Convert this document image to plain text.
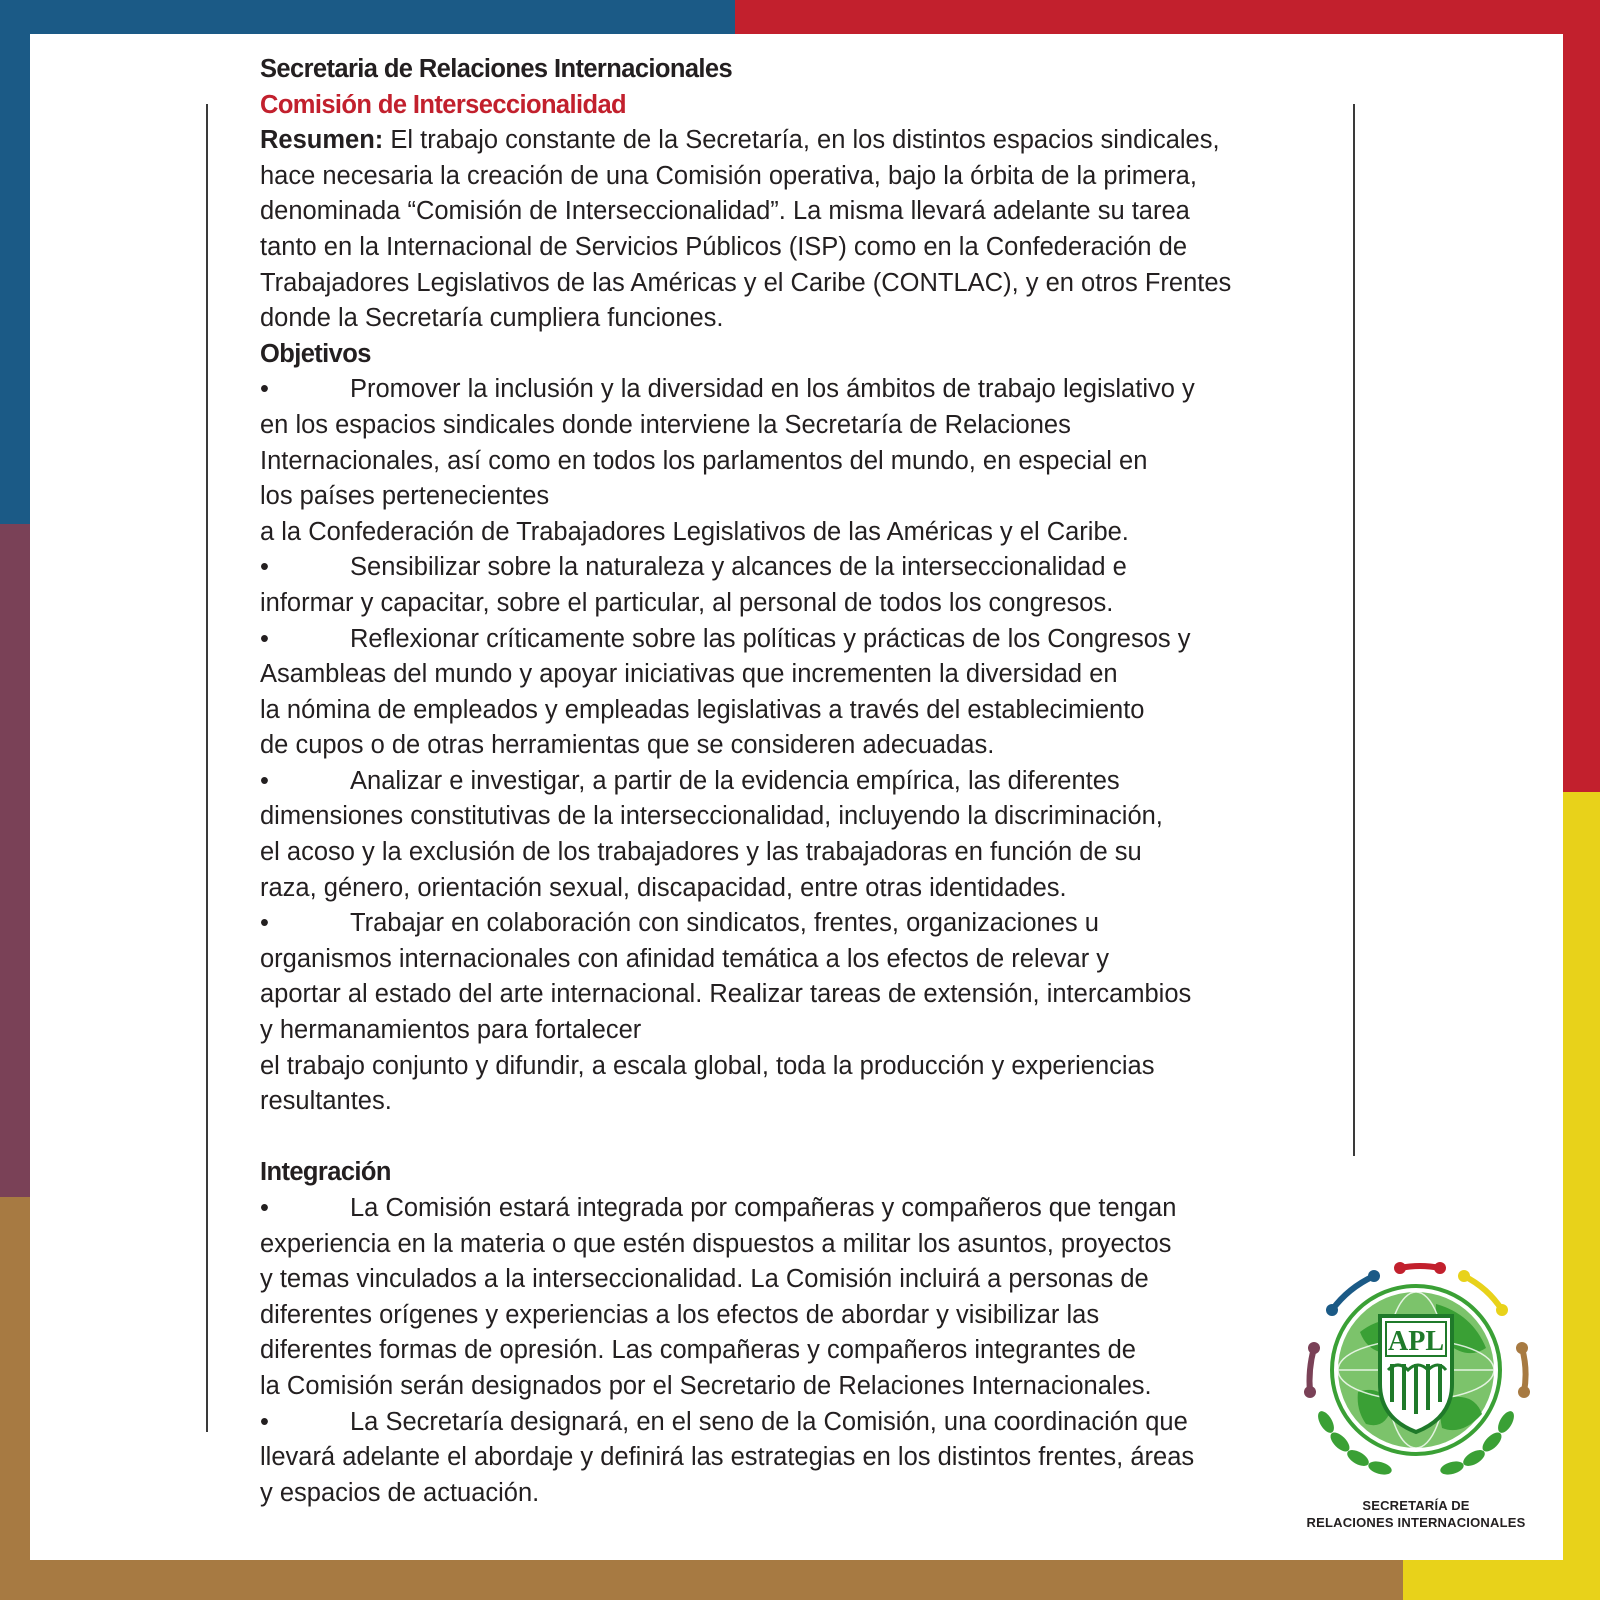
Secretaria de Relaciones Internacionales
Comisión de Interseccionalidad
Resumen: El trabajo constante de la Secretaría, en los distintos espacios sindicales,
hace necesaria la creación de una Comisión operativa, bajo la órbita de la primera,
denominada “Comisión de Interseccionalidad”. La misma llevará adelante su tarea
tanto en la Internacional de Servicios Públicos (ISP) como en la Confederación de
Trabajadores Legislativos de las Américas y el Caribe (CONTLAC), y en otros Frentes
donde la Secretaría cumpliera funciones.
Objetivos
•	Promover la inclusión y la diversidad en los ámbitos de trabajo legislativo y
en los espacios sindicales donde interviene la Secretaría de Relaciones
Internacionales, así como en todos los parlamentos del mundo, en especial en
los países pertenecientes
a la Confederación de Trabajadores Legislativos de las Américas y el Caribe.
•	Sensibilizar sobre la naturaleza y alcances de la interseccionalidad e
informar y capacitar, sobre el particular, al personal de todos los congresos.
•	Reflexionar críticamente sobre las políticas y prácticas de los Congresos y
Asambleas del mundo y apoyar iniciativas que incrementen la diversidad en
la nómina de empleados y empleadas legislativas a través del establecimiento
de cupos o de otras herramientas que se consideren adecuadas.
•	Analizar e investigar, a partir de la evidencia empírica, las diferentes
dimensiones constitutivas de la interseccionalidad, incluyendo la discriminación,
el acoso y la exclusión de los trabajadores y las trabajadoras en función de su
raza, género, orientación sexual, discapacidad, entre otras identidades.
•	Trabajar en colaboración con sindicatos, frentes, organizaciones u
organismos internacionales con afinidad temática a los efectos de relevar y
aportar al estado del arte internacional. Realizar tareas de extensión, intercambios
y hermanamientos para fortalecer
el trabajo conjunto y difundir, a escala global, toda la producción y experiencias
resultantes.
Integración
•	La Comisión estará integrada por compañeras y compañeros que tengan
experiencia en la materia o que estén dispuestos a militar los asuntos, proyectos
y temas vinculados a la interseccionalidad. La Comisión incluirá a personas de
diferentes orígenes y experiencias a los efectos de abordar y visibilizar las
diferentes formas de opresión. Las compañeras y compañeros integrantes de
la Comisión serán designados por el Secretario de Relaciones Internacionales.
•	La Secretaría designará, en el seno de la Comisión, una coordinación que
llevará adelante el abordaje y definirá las estrategias en los distintos frentes, áreas
y espacios de actuación.
APL
SECRETARÍA DE
RELACIONES INTERNACIONALES
